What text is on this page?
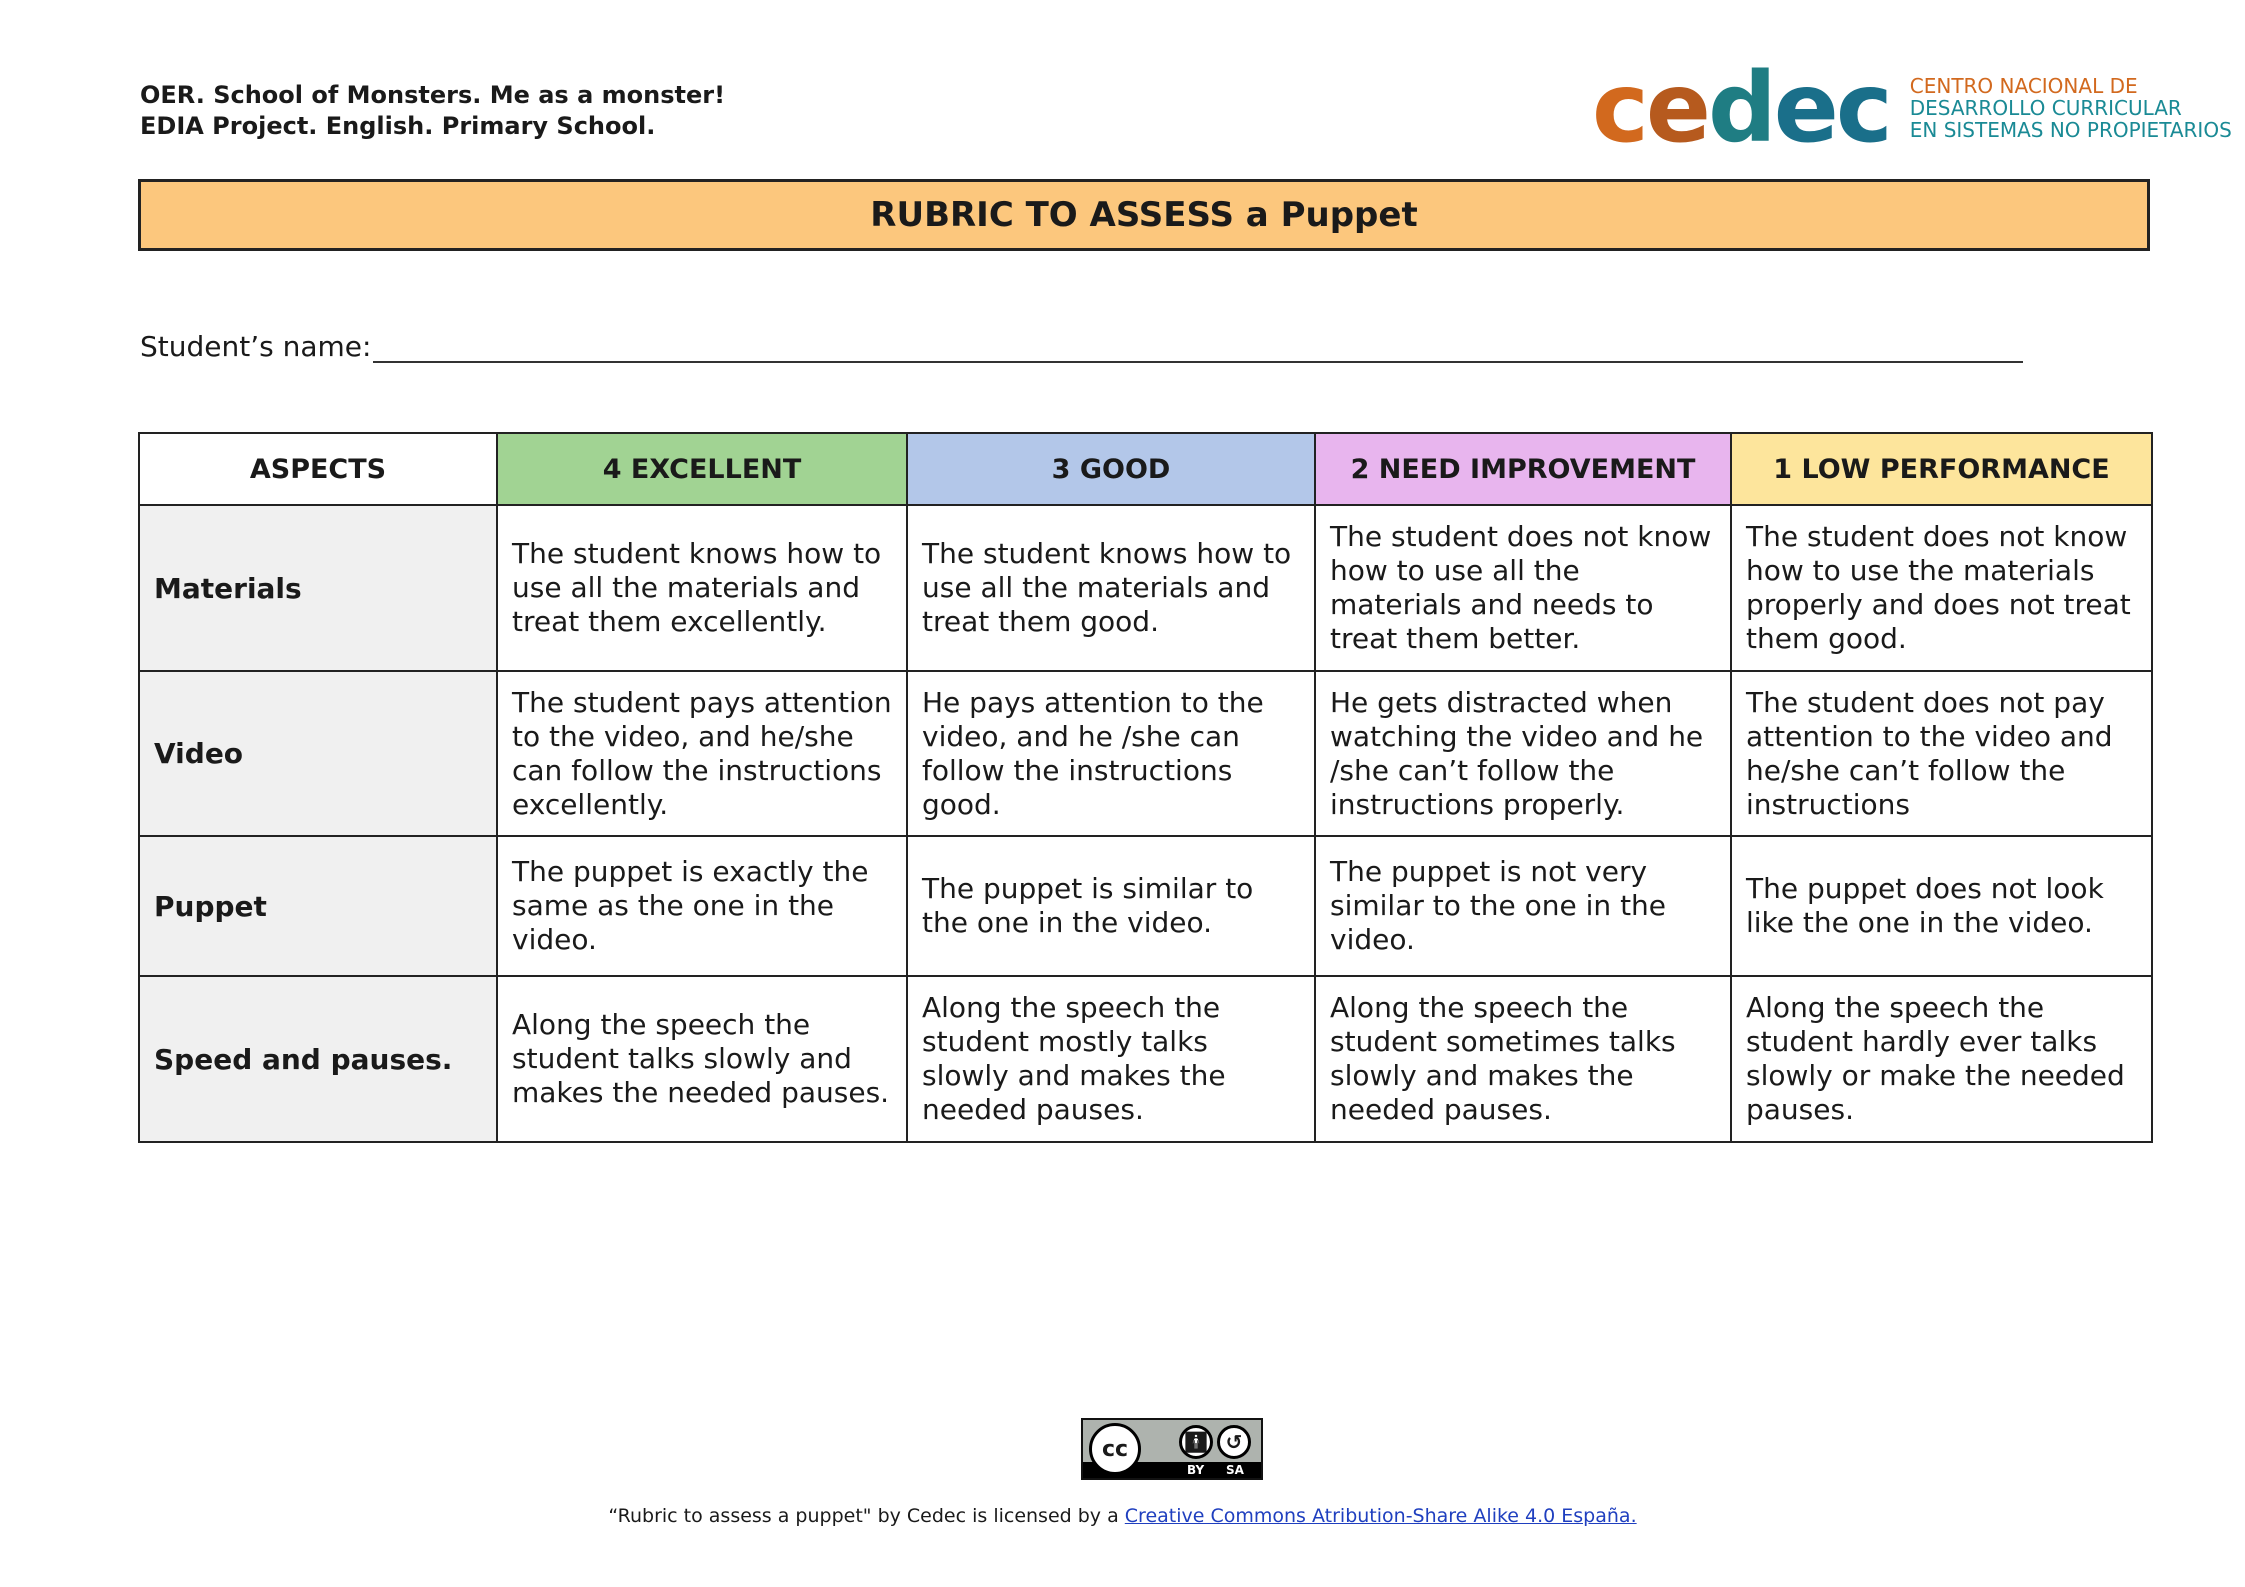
OER. School of Monsters. Me as a monster!
EDIA Project. English. Primary School.	cedec CENTRO NACIONAL DE
DESARROLLO CURRICULAR
EN SISTEMAS NO PROPIETARIOS
RUBRIC TO ASSESS a Puppet
Student’s name:
ASPECTS	4 EXCELLENT	3 GOOD	2 NEED IMPROVEMENT	1 LOW PERFORMANCE
Materials	The student knows how to use all the materials and treat them excellently.	The student knows how to use all the materials and treat them good.	The student does not know how to use all the materials and needs to treat them better.	The student does not know how to use the materials properly and does not treat them good.
Video	The student pays attention to the video, and he/she can follow the instructions excellently.	He pays attention to the video, and he /she can follow the instructions good.	He gets distracted when watching the video and he /she can’t follow the instructions properly.	The student does not pay attention to the video and he/she can’t follow the instructions
Puppet	The puppet is exactly the same as the one in the video.	The puppet is similar to the one in the video.	The puppet is not very similar to the one in the video.	The puppet does not look like the one in the video.
Speed and pauses.	Along the speech the student talks slowly and makes the needed pauses.	Along the speech the student mostly talks slowly and makes the needed pauses.	Along the speech the student sometimes talks slowly and makes the needed pauses.	Along the speech the student hardly ever talks slowly or make the needed pauses.
cc	🚹︎ ↺
BY SA
“Rubric to assess a puppet" by Cedec is licensed by a Creative Commons Atribution-Share Alike 4.0 España.
